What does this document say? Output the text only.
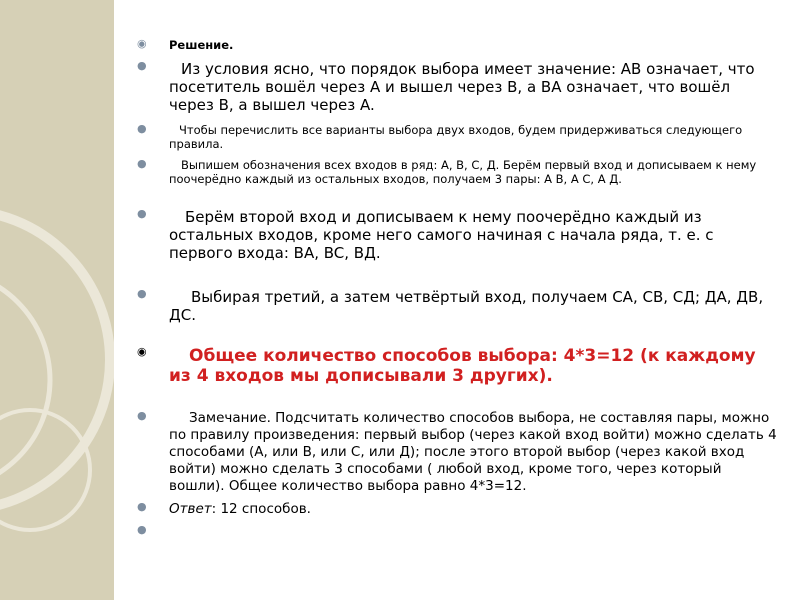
◉ Решение.
●	Из условия ясно, что порядок выбора имеет значение: AB означает, что посетитель вошёл через A и вышел через B, а BA означает, что вошёл через B, а вышел через A.
●	Чтобы перечислить все варианты выбора двух входов, будем придерживаться следующего правила.
●	Выпишем обозначения всех входов в ряд: A, B, C, Д. Берём первый вход и дописываем к нему поочерёдно каждый из остальных входов, получаем 3 пары: A B, A C, A Д.
●	Берём второй вход и дописываем к нему поочерёдно каждый из остальных входов, кроме него самого начиная с начала ряда, т. е. с первого входа: BA, BC, BД.
●	Выбирая третий, а затем четвёртый вход, получаем CA, CB, CД; ДA, ДB, ДC.
◉	Общее количество способов выбора: 4*3=12 (к каждому из 4 входов мы дописывали 3 других).
●	Замечание. Подсчитать количество способов выбора, не составляя пары, можно по правилу произведения: первый выбор (через какой вход войти) можно сделать 4 способами (A, или B, или C, или Д); после этого второй выбор (через какой вход войти) можно сделать 3 способами ( любой вход, кроме того, через который вошли). Общее количество выбора равно 4*3=12.
● Ответ: 12 способов.
●
